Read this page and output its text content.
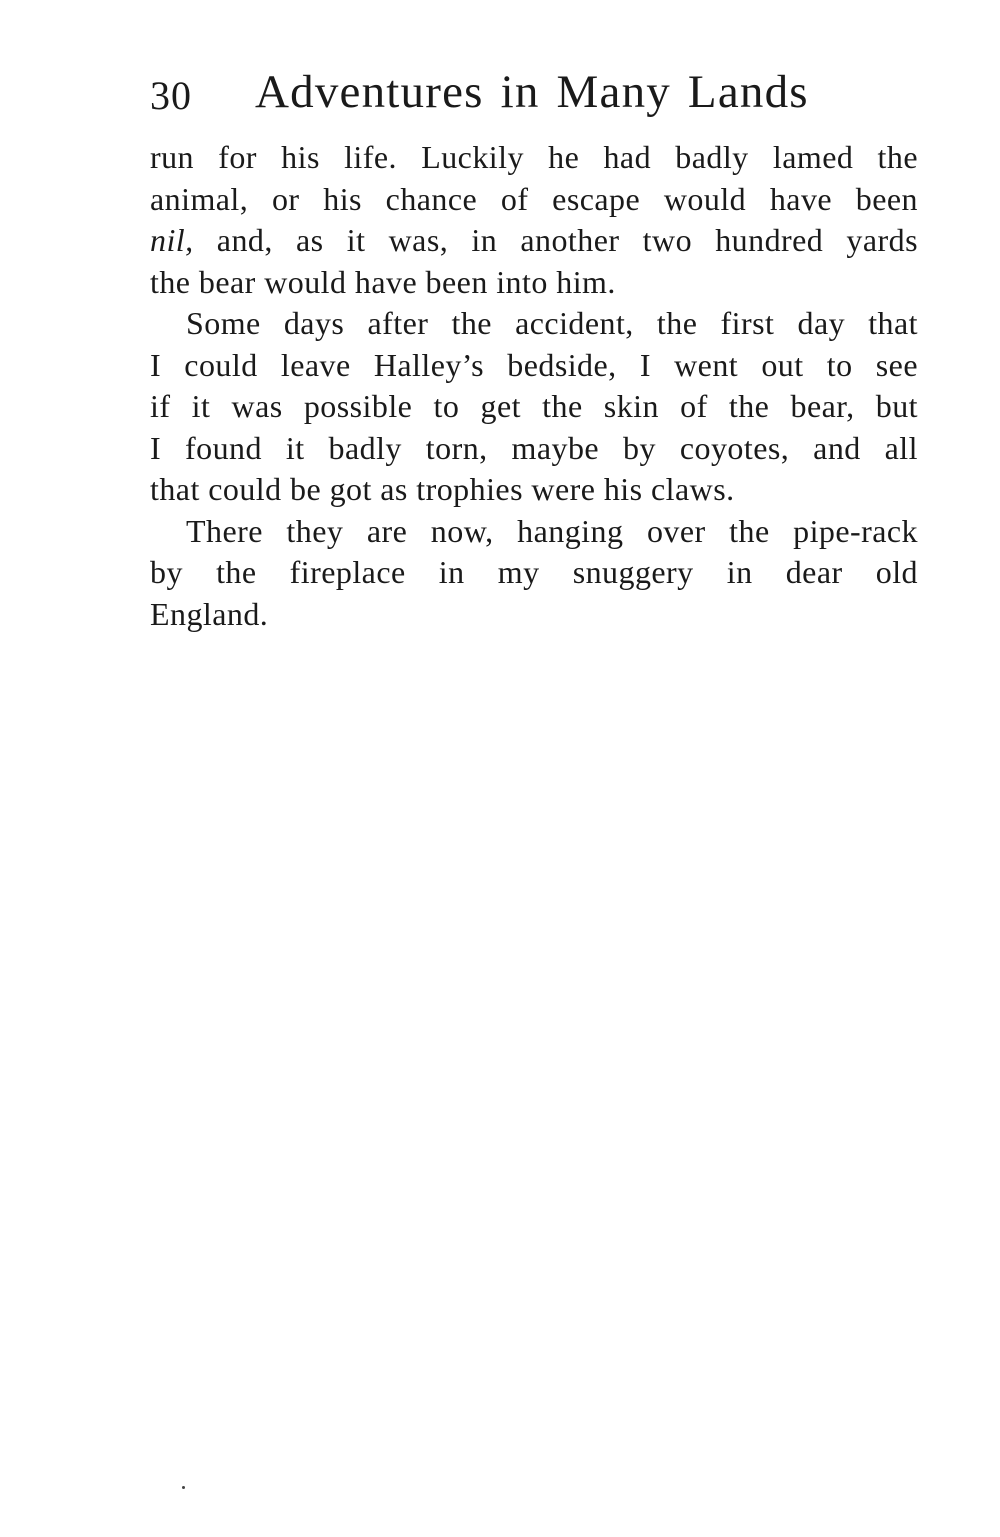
30 Adventures in Many Lands
run for his life. Luckily he had badly lamed the
animal, or his chance of escape would have been
nil, and, as it was, in another two hundred yards
the bear would have been into him.
Some days after the accident, the first day that
I could leave Halley’s bedside, I went out to see
if it was possible to get the skin of the bear, but
I found it badly torn, maybe by coyotes, and all
that could be got as trophies were his claws.
There they are now, hanging over the pipe-rack
by the fireplace in my snuggery in dear old
England.
